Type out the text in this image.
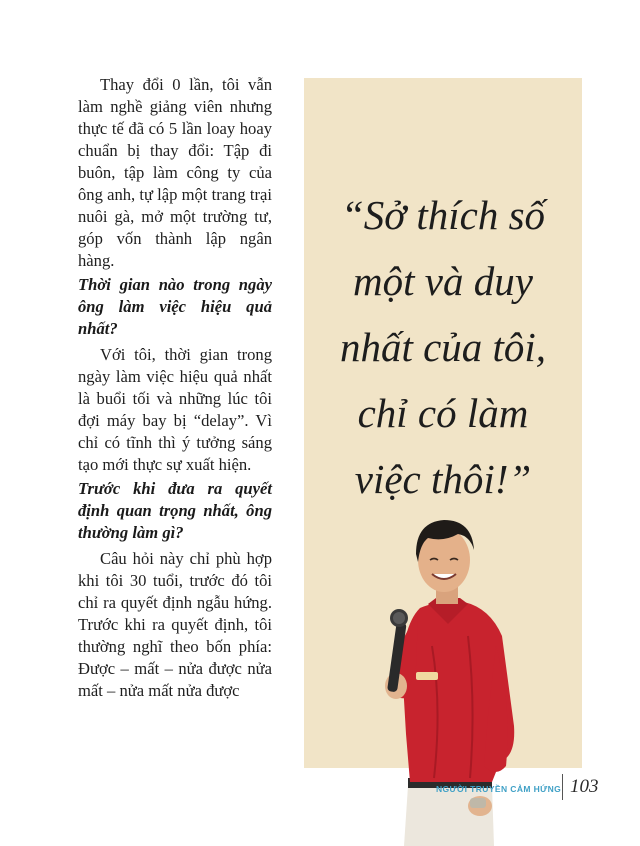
Thay đổi 0 lần, tôi vẫn làm nghề giảng viên nhưng thực tế đã có 5 lần loay hoay chuẩn bị thay đổi: Tập đi buôn, tập làm công ty của ông anh, tự lập một trang trại nuôi gà, mở một trường tư, góp vốn thành lập ngân hàng.

Thời gian nào trong ngày ông làm việc hiệu quả nhất?

Với tôi, thời gian trong ngày làm việc hiệu quả nhất là buổi tối và những lúc tôi đợi máy bay bị “delay”. Vì chỉ có tĩnh thì ý tưởng sáng tạo mới thực sự xuất hiện.

Trước khi đưa ra quyết định quan trọng nhất, ông thường làm gì?

Câu hỏi này chỉ phù hợp khi tôi 30 tuổi, trước đó tôi chỉ ra quyết định ngẫu hứng. Trước khi ra quyết định, tôi thường nghĩ theo bốn phía: Được – mất – nửa được nửa mất – nửa mất nửa được

“Sở thích số
một và duy
nhất của tôi,
chỉ có làm
việc thôi!”
NGƯỜI TRUYỀN CẢM HỨNG 103
